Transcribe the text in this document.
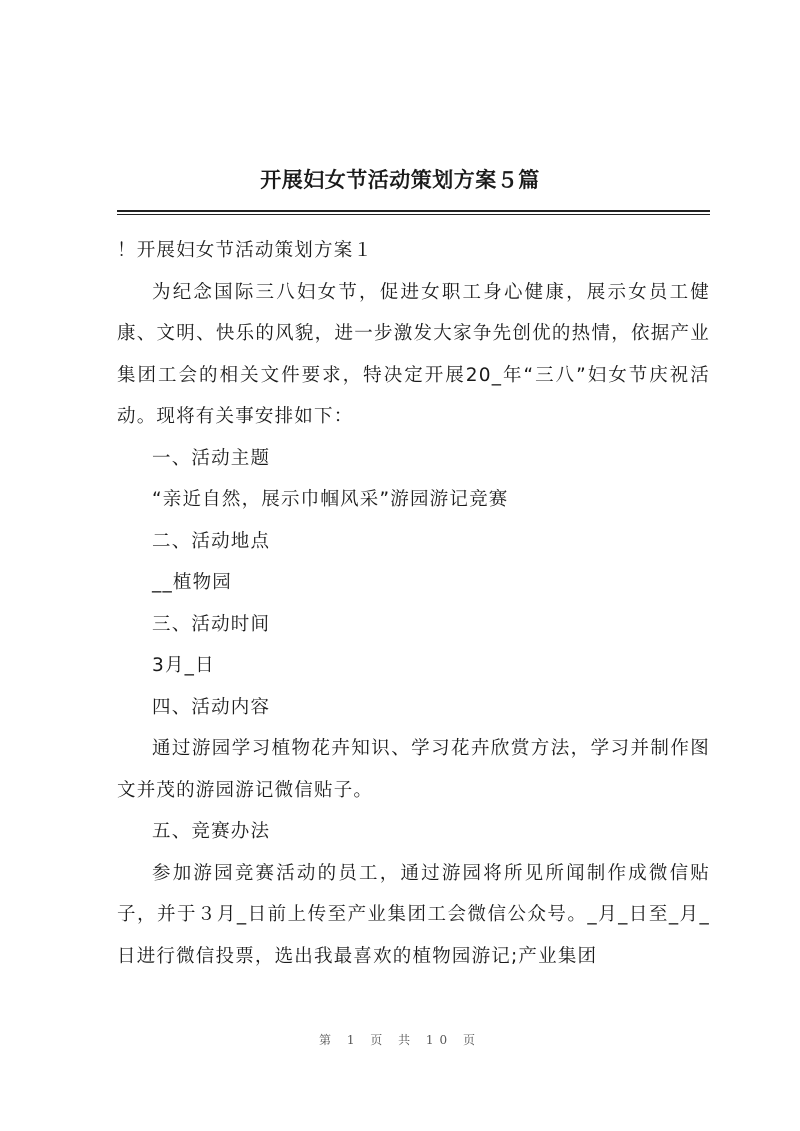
开展妇女节活动策划方案５篇

！开展妇女节活动策划方案１

为纪念国际三八妇女节，促进女职工身心健康，展示女员工健康、文明、快乐的风貌，进一步激发大家争先创优的热情，依据产业集团工会的相关文件要求，特决定开展20_年“三八”妇女节庆祝活动。现将有关事安排如下：

一、活动主题

“亲近自然，展示巾帼风采”游园游记竞赛

二、活动地点

__植物园

三、活动时间

3月_日

四、活动内容

通过游园学习植物花卉知识、学习花卉欣赏方法，学习并制作图文并茂的游园游记微信贴子。

五、竞赛办法

参加游园竞赛活动的员工，通过游园将所见所闻制作成微信贴子，并于３月_日前上传至产业集团工会微信公众号。_月_日至_月_日进行微信投票，选出我最喜欢的植物园游记;产业集团

第 1 页 共 10 页
